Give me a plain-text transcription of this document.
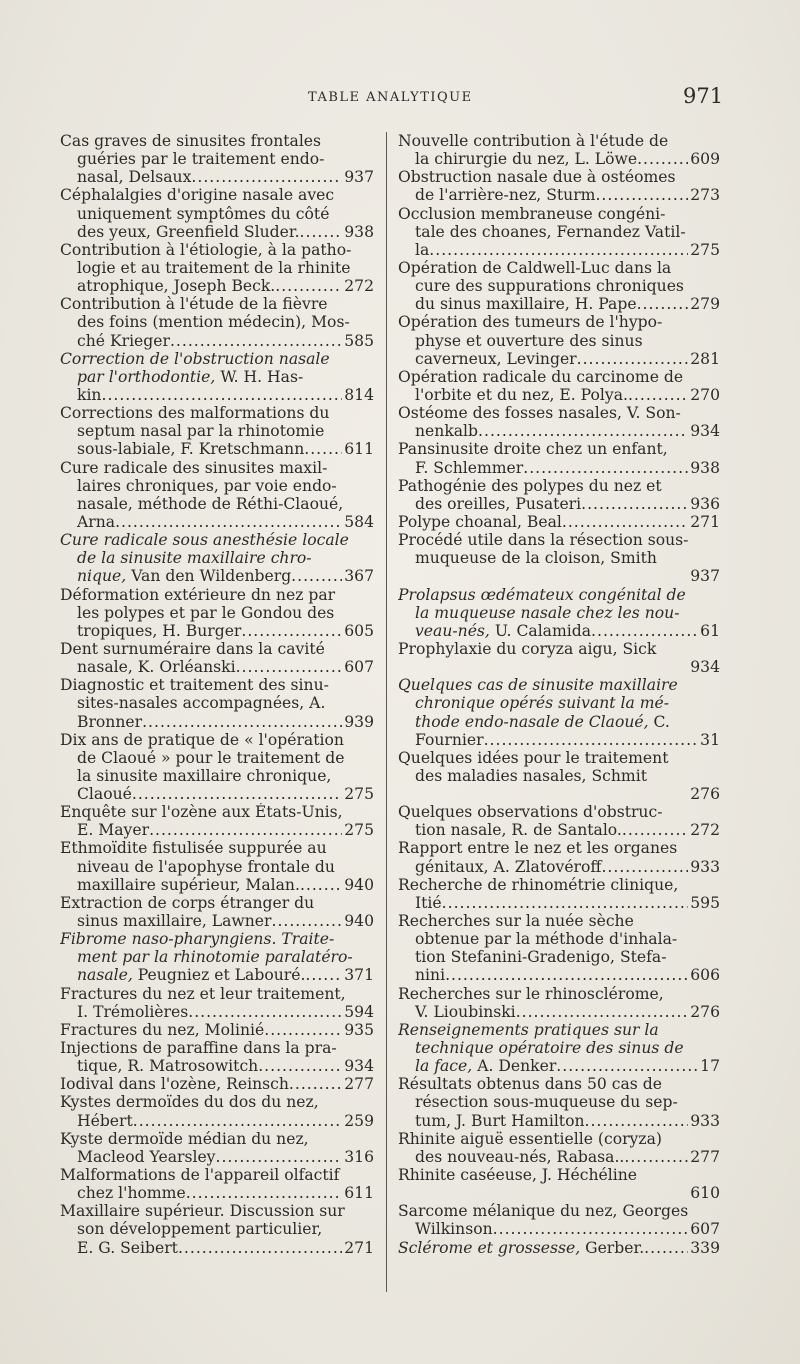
TABLE ANALYTIQUE	971
Cas graves de sinusites frontales
guéries par le traitement endo-
nasal, Delsaux .....	937
Céphalalgies d'origine nasale avec
uniquement symptômes du côté
des yeux, Greenfield Sluder. .....	938
Contribution à l'étiologie, à la patho-
logie et au traitement de la rhinite
atrophique, Joseph Beck. .....	272
Contribution à l'étude de la fièvre
des foins (mention médecin), Mos-
ché Krieger .....	585
Correction de l'obstruction nasale
par l'orthodontie, W. H. Has-
kin .....	814
Corrections des malformations du
septum nasal par la rhinotomie
sous-labiale, F. Kretschmann .....	611
Cure radicale des sinusites maxil-
laires chroniques, par voie endo-
nasale, méthode de Réthi-Claoué,
Arna .....	584
Cure radicale sous anesthésie locale
de la sinusite maxillaire chro-
nique, Van den Wildenberg .....	367
Déformation extérieure dn nez par
les polypes et par le Gondou des
tropiques, H. Burger .....	605
Dent surnuméraire dans la cavité
nasale, K. Orléanski .....	607
Diagnostic et traitement des sinu-
sites-nasales accompagnées, A.
Bronner .....	939
Dix ans de pratique de « l'opération
de Claoué » pour le traitement de
la sinusite maxillaire chronique,
Claoué .....	275
Enquête sur l'ozène aux États-Unis,
E. Mayer .....	275
Ethmoïdite fistulisée suppurée au
niveau de l'apophyse frontale du
maxillaire supérieur, Malan. .....	940
Extraction de corps étranger du
sinus maxillaire, Lawner .....	940
Fibrome naso-pharyngiens. Traite-
ment par la rhinotomie paralatéro-
nasale, Peugniez et Labouré. ..... 371
Fractures du nez et leur traitement,
I. Trémolières .....	594
Fractures du nez, Molinié .....	935
Injections de paraffine dans la pra-
tique, R. Matrosowitch .....	934
Iodival dans l'ozène, Reinsch .....	277
Kystes dermoïdes du dos du nez,
Hébert .....	259
Kyste dermoïde médian du nez,
Macleod Yearsley .....	316
Malformations de l'appareil olfactif
chez l'homme .....	611
Maxillaire supérieur. Discussion sur
son développement particulier,
E. G. Seibert .....	271
Nouvelle contribution à l'étude de
la chirurgie du nez, L. Löwe .....	609
Obstruction nasale due à ostéomes
de l'arrière-nez, Sturm .....	273
Occlusion membraneuse congéni-
tale des choanes, Fernandez Vatil-
la .....	275
Opération de Caldwell-Luc dans la
cure des suppurations chroniques
du sinus maxillaire, H. Pape .....	279
Opération des tumeurs de l'hypo-
physe et ouverture des sinus
caverneux, Levinger .....	281
Opération radicale du carcinome de
l'orbite et du nez, E. Polya. .....	270
Ostéome des fosses nasales, V. Son-
nenkalb .....	934
Pansinusite droite chez un enfant,
F. Schlemmer .....	938
Pathogénie des polypes du nez et
des oreilles, Pusateri .....	936
Polype choanal, Beal .....	271
Procédé utile dans la résection sous-
muqueuse de la cloison, Smith
937
Prolapsus œdémateux congénital de
la muqueuse nasale chez les nou-
veau-nés, U. Calamida .....	61
Prophylaxie du coryza aigu, Sick
934
Quelques cas de sinusite maxillaire
chronique opérés suivant la mé-
thode endo-nasale de Claoué, C.
Fournier .....	31
Quelques idées pour le traitement
des maladies nasales, Schmit
276
Quelques observations d'obstruc-
tion nasale, R. de Santalo. .....	272
Rapport entre le nez et les organes
génitaux, A. Zlatovéroff .....	933
Recherche de rhinométrie clinique,
Itié .....	595
Recherches sur la nuée sèche
obtenue par la méthode d'inhala-
tion Stefanini-Gradenigo, Stefa-
nini .....	606
Recherches sur le rhinosclérome,
V. Lioubinski .....	276
Renseignements pratiques sur la
technique opératoire des sinus de
la face, A. Denker .....	17
Résultats obtenus dans 50 cas de
résection sous-muqueuse du sep-
tum, J. Burt Hamilton .....	933
Rhinite aiguë essentielle (coryza)
des nouveau-nés, Rabasa.. .....	277
Rhinite caséeuse, J. Héchéline
610
Sarcome mélanique du nez, Georges
Wilkinson .....	607
Sclérome et grossesse, Gerber. .....	339
